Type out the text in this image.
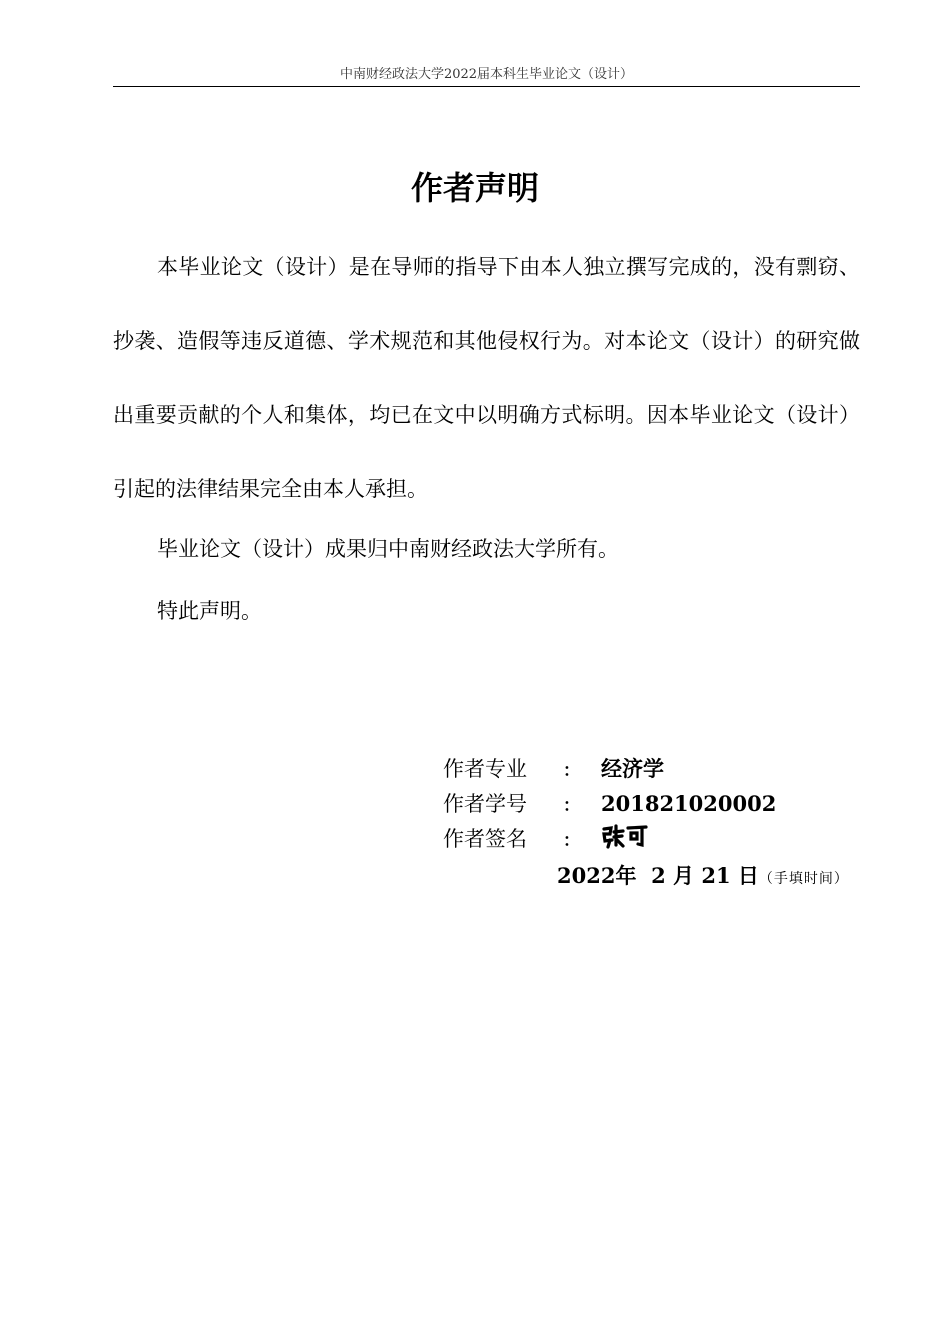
中南财经政法大学2022届本科生毕业论文（设计）
作者声明
本毕业论文（设计）是在导师的指导下由本人独立撰写完成的，没有剽窃、抄袭、造假等违反道德、学术规范和其他侵权行为。对本论文（设计）的研究做出重要贡献的个人和集体，均已在文中以明确方式标明。因本毕业论文（设计）引起的法律结果完全由本人承担。
毕业论文（设计）成果归中南财经政法大学所有。
特此声明。
作者专业 ： 经济学
作者学号 ： 201821020002
作者签名 ：
2022年 2 月 21 日（手填时间）
